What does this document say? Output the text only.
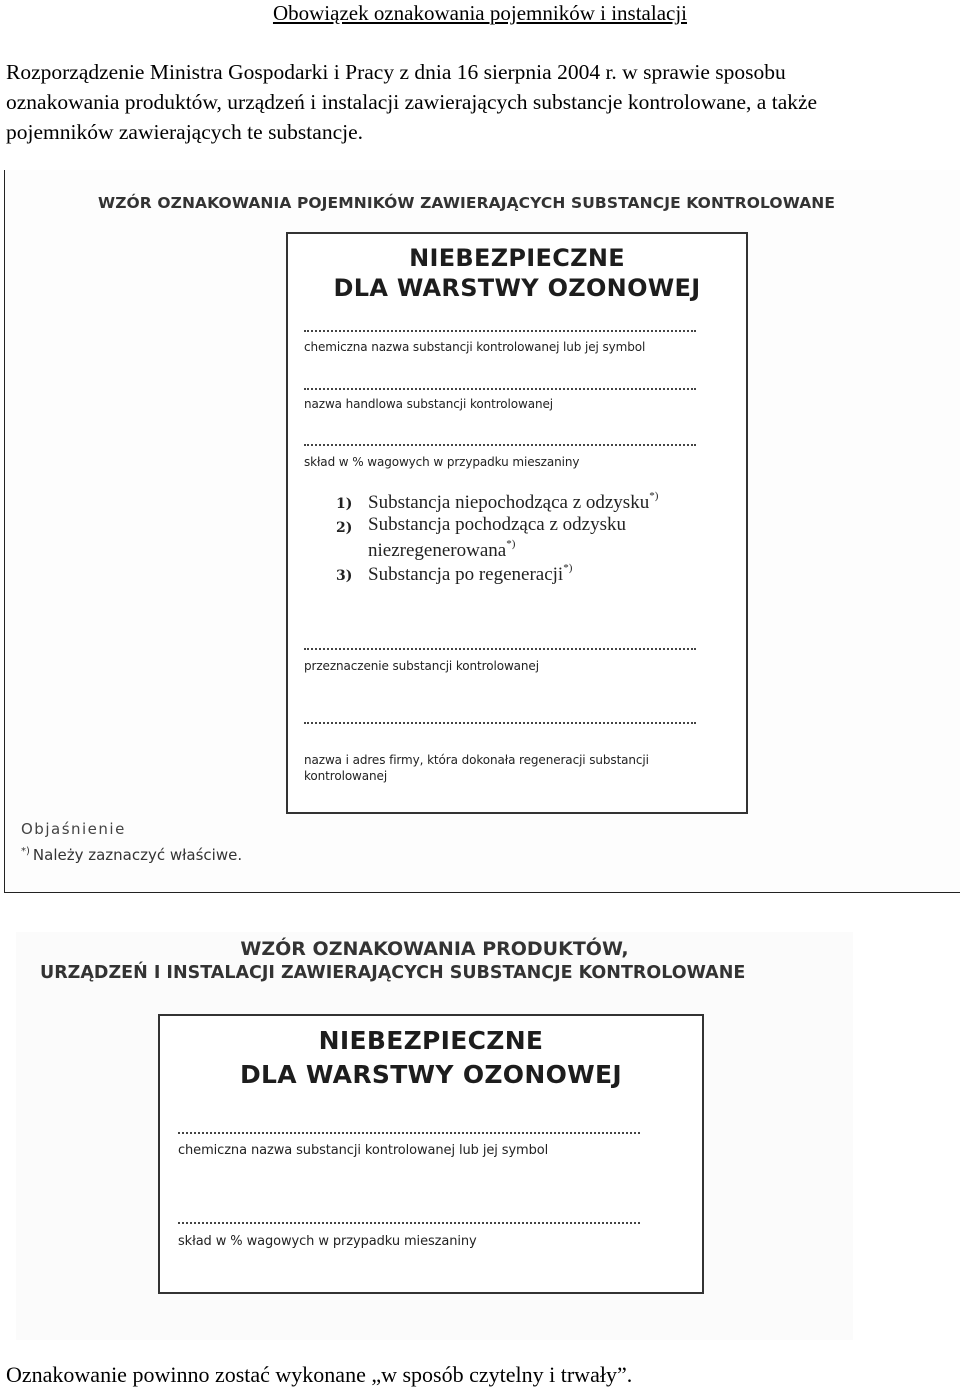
Obowiązek oznakowania pojemników i instalacji
Rozporządzenie Ministra Gospodarki i Pracy z dnia 16 sierpnia 2004 r. w sprawie sposobu
oznakowania produktów, urządzeń i instalacji zawierających substancje kontrolowane, a także
pojemników zawierających te substancje.
WZÓR OZNAKOWANIA POJEMNIKÓW ZAWIERAJĄCYCH SUBSTANCJE KONTROLOWANE
NIEBEZPIECZNE
DLA WARSTWY OZONOWEJ
chemiczna nazwa substancji kontrolowanej lub jej symbol
nazwa handlowa substancji kontrolowanej
skład w % wagowych w przypadku mieszaniny
1) Substancja niepochodząca z odzysku*)
2) Substancja pochodząca z odzysku
niezregenerowana*)
3) Substancja po regeneracji*)
przeznaczenie substancji kontrolowanej
nazwa i adres firmy, która dokonała regeneracji substancji
kontrolowanej
Objaśnienie
*) Należy zaznaczyć właściwe.
WZÓR OZNAKOWANIA PRODUKTÓW,
URZĄDZEŃ I INSTALACJI ZAWIERAJĄCYCH SUBSTANCJE KONTROLOWANE
NIEBEZPIECZNE
DLA WARSTWY OZONOWEJ
chemiczna nazwa substancji kontrolowanej lub jej symbol
skład w % wagowych w przypadku mieszaniny
Oznakowanie powinno zostać wykonane „w sposób czytelny i trwały”.
